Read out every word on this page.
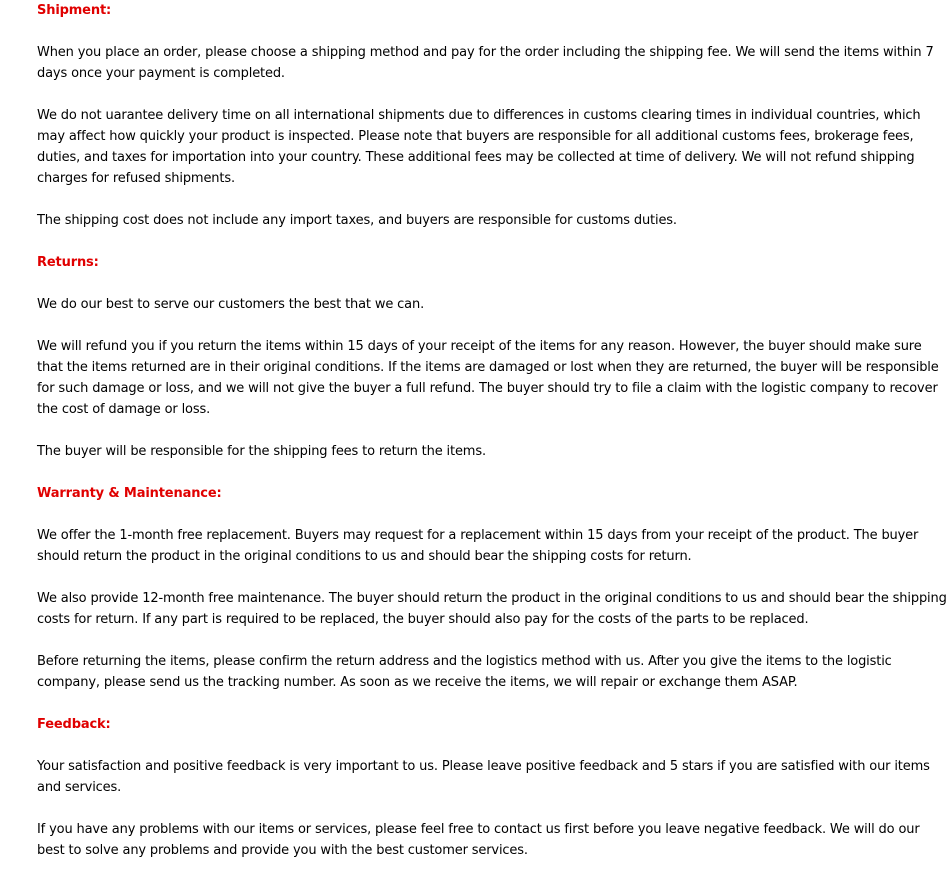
Shipment:

When you place an order, please choose a shipping method and pay for the order including the shipping fee. We will send the items within 7 days once your payment is completed.

We do not uarantee delivery time on all international shipments due to differences in customs clearing times in individual countries, which may affect how quickly your product is inspected. Please note that buyers are responsible for all additional customs fees, brokerage fees, duties, and taxes for importation into your country. These additional fees may be collected at time of delivery. We will not refund shipping charges for refused shipments.

The shipping cost does not include any import taxes, and buyers are responsible for customs duties.

Returns:

We do our best to serve our customers the best that we can.

We will refund you if you return the items within 15 days of your receipt of the items for any reason. However, the buyer should make sure that the items returned are in their original conditions. If the items are damaged or lost when they are returned, the buyer will be responsible for such damage or loss, and we will not give the buyer a full refund. The buyer should try to file a claim with the logistic company to recover the cost of damage or loss.

The buyer will be responsible for the shipping fees to return the items.

Warranty & Maintenance:

We offer the 1-month free replacement. Buyers may request for a replacement within 15 days from your receipt of the product. The buyer should return the product in the original conditions to us and should bear the shipping costs for return.

We also provide 12-month free maintenance. The buyer should return the product in the original conditions to us and should bear the shipping costs for return. If any part is required to be replaced, the buyer should also pay for the costs of the parts to be replaced.

Before returning the items, please confirm the return address and the logistics method with us. After you give the items to the logistic company, please send us the tracking number. As soon as we receive the items, we will repair or exchange them ASAP.

Feedback:

Your satisfaction and positive feedback is very important to us. Please leave positive feedback and 5 stars if you are satisfied with our items and services.

If you have any problems with our items or services, please feel free to contact us first before you leave negative feedback. We will do our best to solve any problems and provide you with the best customer services.
